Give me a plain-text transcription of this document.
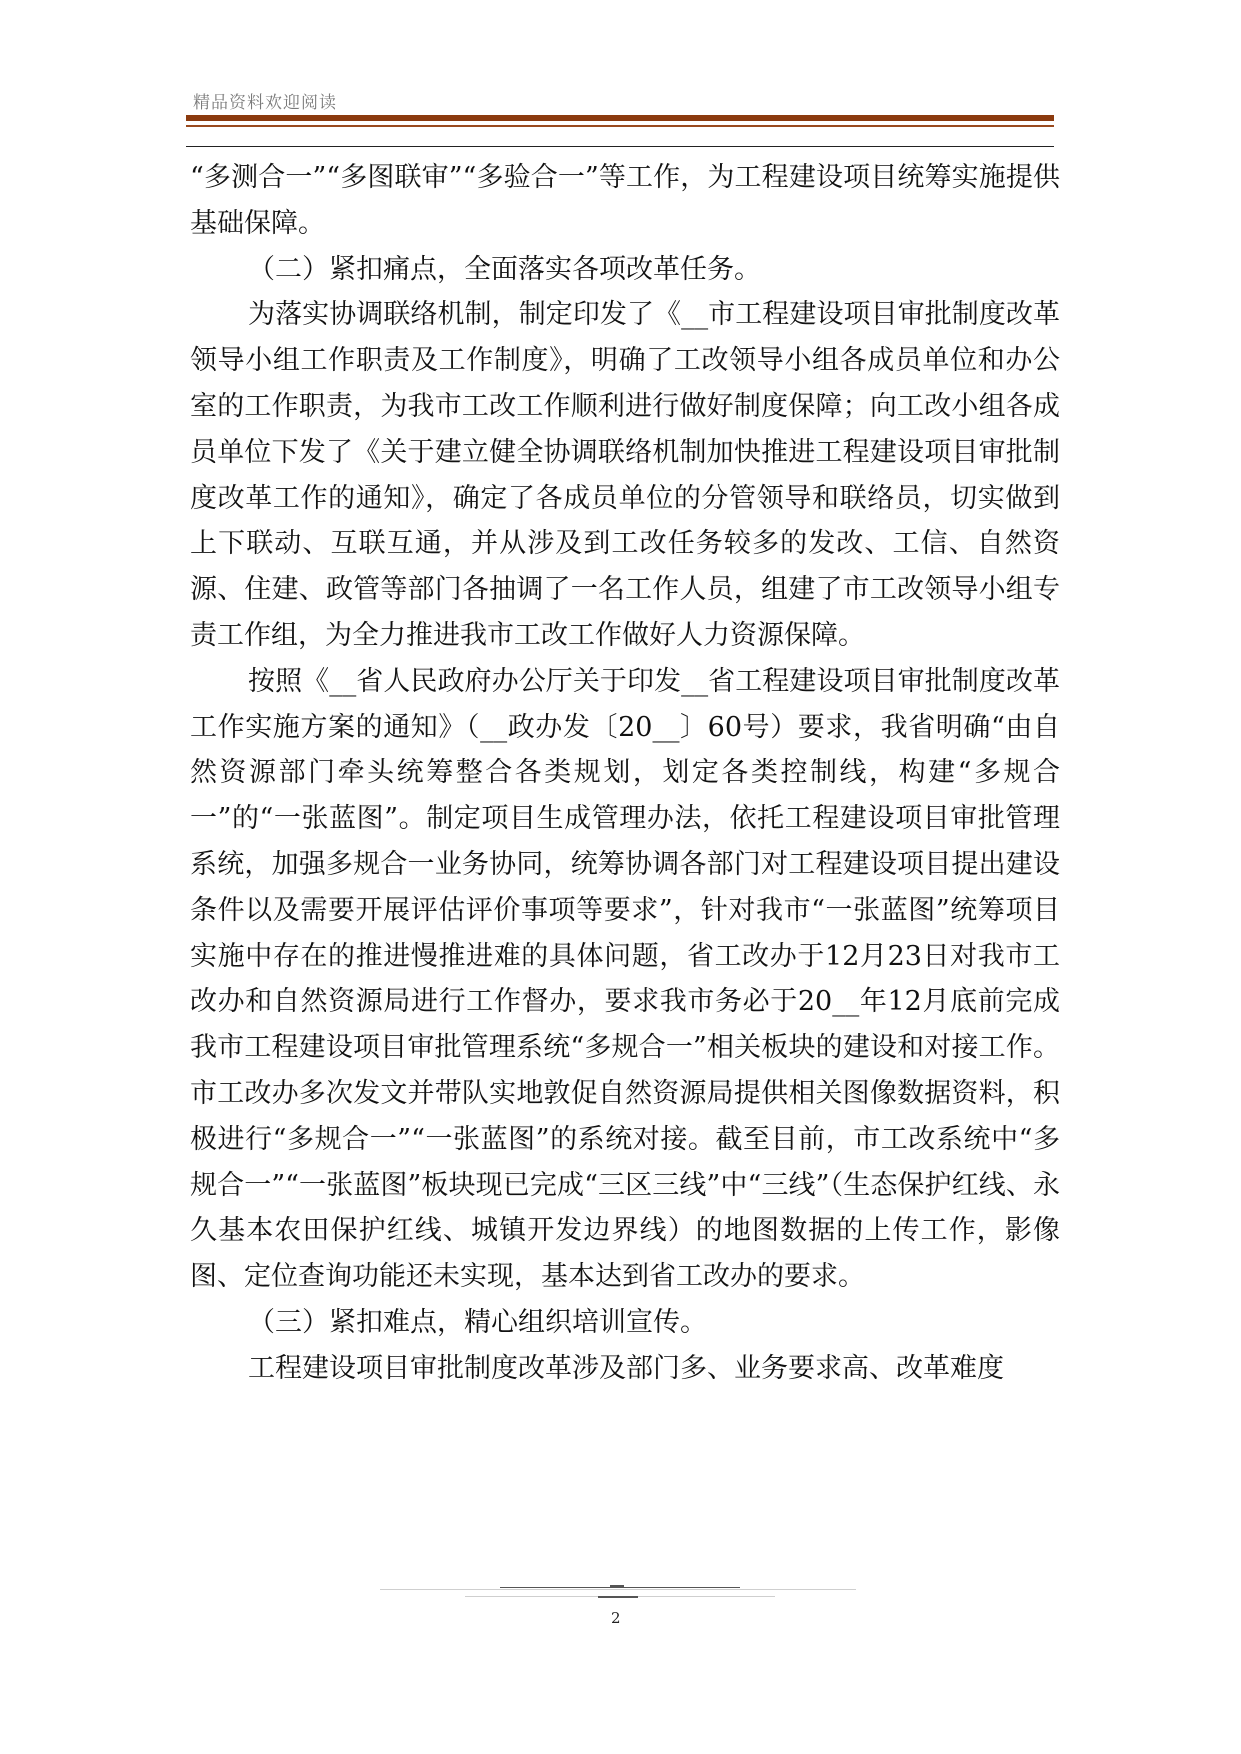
精品资料欢迎阅读

“多测合一”“多图联审”“多验合一”等工作，为工程建设项目统筹实施提供基础保障。

（二）紧扣痛点，全面落实各项改革任务。

为落实协调联络机制，制定印发了《__市工程建设项目审批制度改革领导小组工作职责及工作制度》，明确了工改领导小组各成员单位和办公室的工作职责，为我市工改工作顺利进行做好制度保障；向工改小组各成员单位下发了《关于建立健全协调联络机制加快推进工程建设项目审批制度改革工作的通知》，确定了各成员单位的分管领导和联络员，切实做到上下联动、互联互通，并从涉及到工改任务较多的发改、工信、自然资源、住建、政管等部门各抽调了一名工作人员，组建了市工改领导小组专责工作组，为全力推进我市工改工作做好人力资源保障。

按照《__省人民政府办公厅关于印发__省工程建设项目审批制度改革工作实施方案的通知》（__政办发〔20__〕60号）要求，我省明确“由自然资源部门牵头统筹整合各类规划，划定各类控制线，构建“多规合一”的“一张蓝图”。制定项目生成管理办法，依托工程建设项目审批管理系统，加强多规合一业务协同，统筹协调各部门对工程建设项目提出建设条件以及需要开展评估评价事项等要求”，针对我市“一张蓝图”统筹项目实施中存在的推进慢推进难的具体问题，省工改办于12月23日对我市工改办和自然资源局进行工作督办，要求我市务必于20__年12月底前完成我市工程建设项目审批管理系统“多规合一”相关板块的建设和对接工作。市工改办多次发文并带队实地敦促自然资源局提供相关图像数据资料，积极进行“多规合一”“一张蓝图”的系统对接。截至目前，市工改系统中“多规合一”“一张蓝图”板块现已完成“三区三线”中“三线”（生态保护红线、永久基本农田保护红线、城镇开发边界线）的地图数据的上传工作，影像图、定位查询功能还未实现，基本达到省工改办的要求。

（三）紧扣难点，精心组织培训宣传。

工程建设项目审批制度改革涉及部门多、业务要求高、改革难度

2
